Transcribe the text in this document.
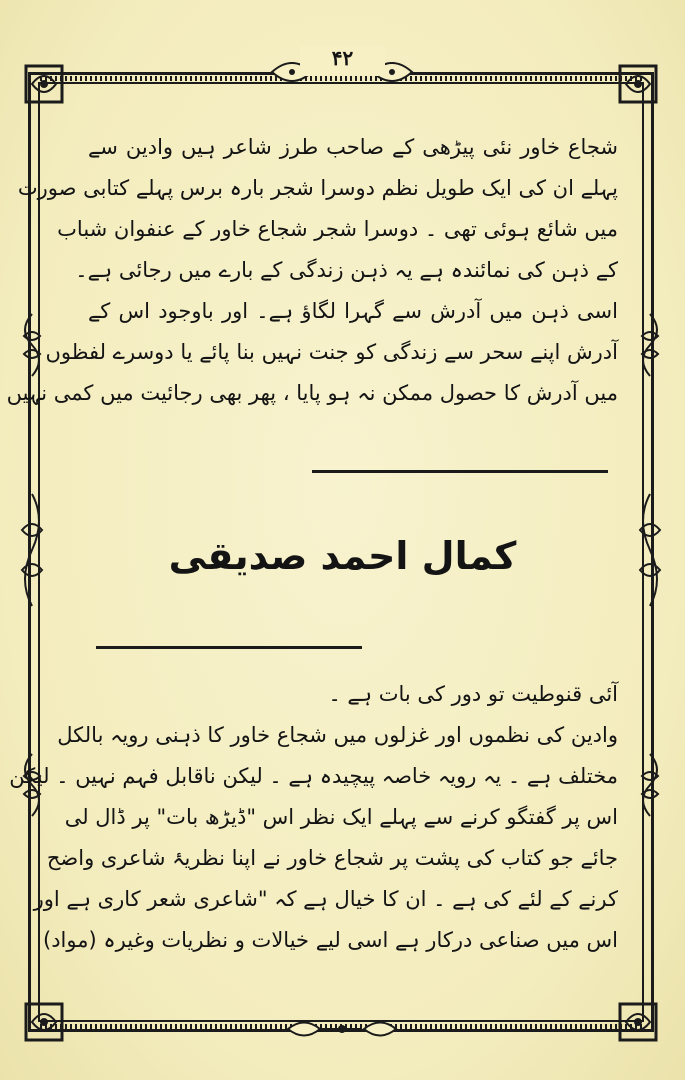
۴۲
شجاع خاور نئی پیڑھی کے صاحب طرز شاعر ہیں وادین سے
پہلے ان کی ایک طویل نظم دوسرا شجر بارہ برس پہلے کتابی صورت
میں شائع ہوئی تھی ۔ دوسرا شجر شجاع خاور کے عنفوان شباب
کے ذہن کی نمائندہ ہے یہ ذہن زندگی کے بارے میں رجائی ہے۔
اسی ذہن میں آدرش سے گہرا لگاؤ ہے۔ اور باوجود اس کے
آدرش اپنے سحر سے زندگی کو جنت نہیں بنا پائے یا دوسرے لفظوں
میں آدرش کا حصول ممکن نہ ہو پایا ، پھر بھی رجائیت میں کمی نہیں
کمال احمد صدیقی
آئی قنوطیت تو دور کی بات ہے ۔
وادین کی نظموں اور غزلوں میں شجاع خاور کا ذہنی رویہ بالکل
مختلف ہے ۔ یہ رویہ خاصہ پیچیدہ ہے ۔ لیکن ناقابل فہم نہیں ۔ لیکن
اس پر گفتگو کرنے سے پہلے ایک نظر اس "ڈیڑھ بات" پر ڈال لی
جائے جو کتاب کی پشت پر شجاع خاور نے اپنا نظریۂ شاعری واضح
کرنے کے لئے کی ہے ۔ ان کا خیال ہے کہ "شاعری شعر کاری ہے اور
اس میں صناعی درکار ہے اسی لیے خیالات و نظریات وغیرہ (مواد)
